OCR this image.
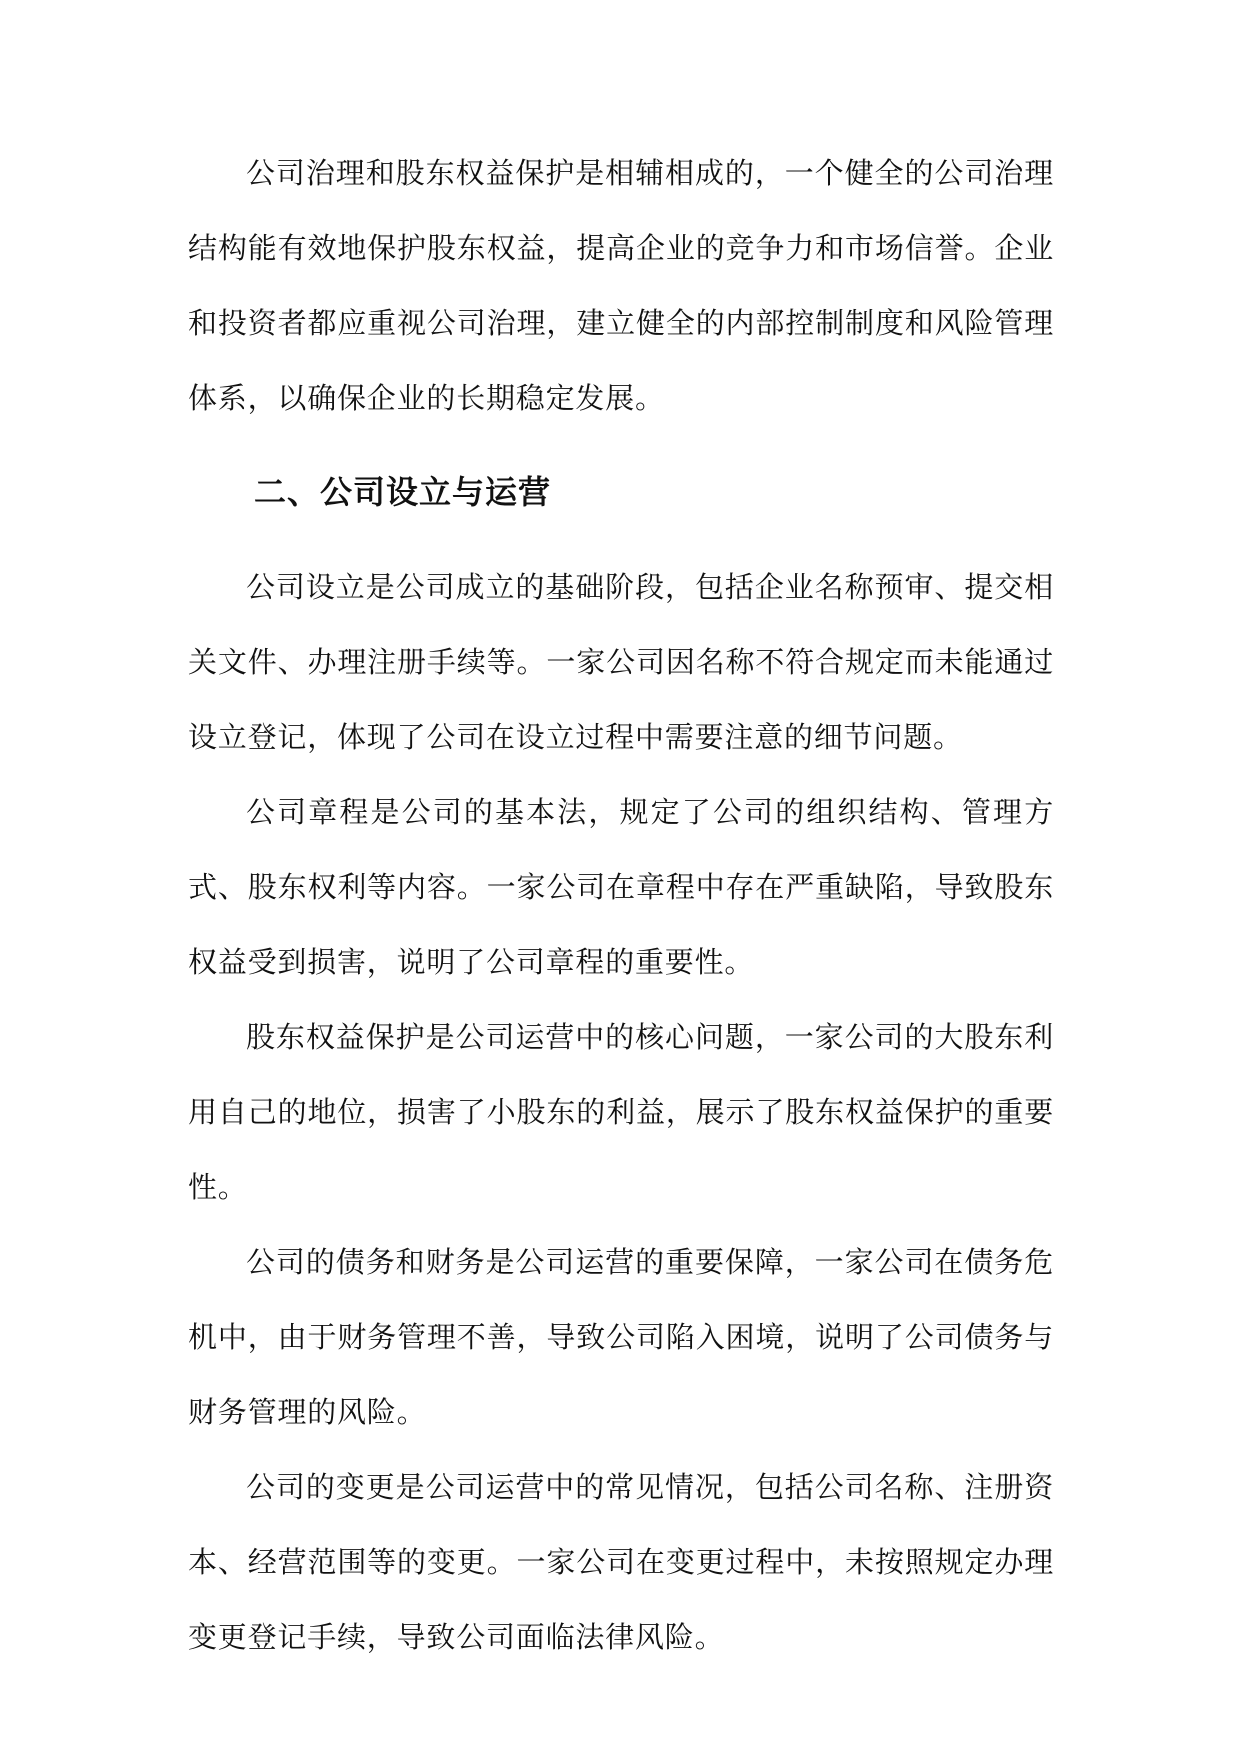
公司治理和股东权益保护是相辅相成的，一个健全的公司治理结构能有效地保护股东权益，提高企业的竞争力和市场信誉。企业和投资者都应重视公司治理，建立健全的内部控制制度和风险管理体系，以确保企业的长期稳定发展。

二、公司设立与运营

公司设立是公司成立的基础阶段，包括企业名称预审、提交相关文件、办理注册手续等。一家公司因名称不符合规定而未能通过设立登记，体现了公司在设立过程中需要注意的细节问题。

公司章程是公司的基本法，规定了公司的组织结构、管理方式、股东权利等内容。一家公司在章程中存在严重缺陷，导致股东权益受到损害，说明了公司章程的重要性。

股东权益保护是公司运营中的核心问题，一家公司的大股东利用自己的地位，损害了小股东的利益，展示了股东权益保护的重要性。

公司的债务和财务是公司运营的重要保障，一家公司在债务危机中，由于财务管理不善，导致公司陷入困境，说明了公司债务与财务管理的风险。

公司的变更是公司运营中的常见情况，包括公司名称、注册资本、经营范围等的变更。一家公司在变更过程中，未按照规定办理变更登记手续，导致公司面临法律风险。
